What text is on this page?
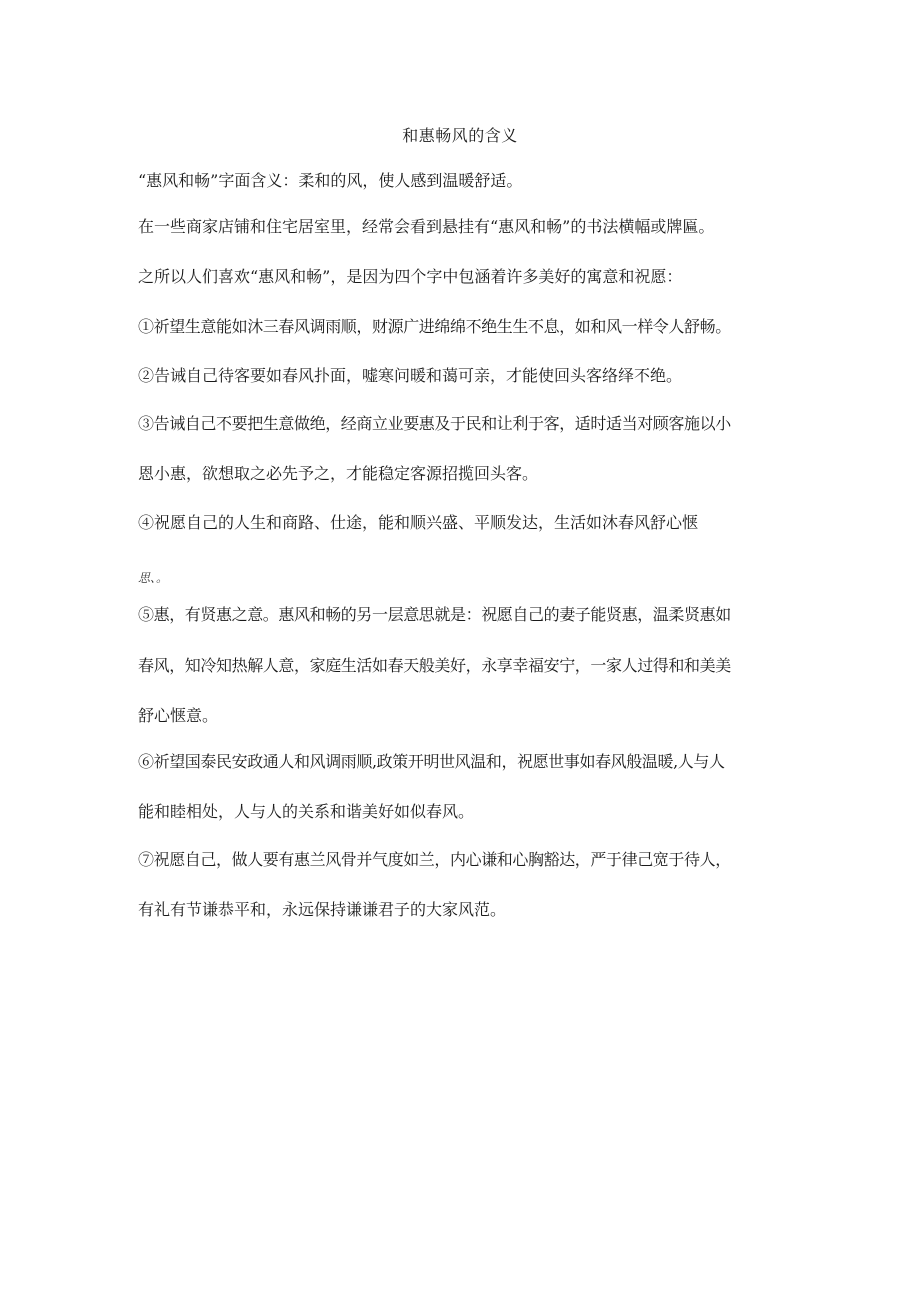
和惠畅风的含义
“惠风和畅”字面含义：柔和的风，使人感到温暖舒适。
在一些商家店铺和住宅居室里，经常会看到悬挂有“惠风和畅”的书法横幅或牌匾。
之所以人们喜欢“惠风和畅”，是因为四个字中包涵着许多美好的寓意和祝愿：
①祈望生意能如沐三春风调雨顺，财源广进绵绵不绝生生不息，如和风一样令人舒畅。
②告诫自己待客要如春风扑面，嘘寒问暖和蔼可亲，才能使回头客络绎不绝。
③告诫自己不要把生意做绝，经商立业要惠及于民和让利于客，适时适当对顾客施以小
恩小惠，欲想取之必先予之，才能稳定客源招揽回头客。
④祝愿自己的人生和商路、仕途，能和顺兴盛、平顺发达，生活如沐春风舒心惬
思、。
⑤惠，有贤惠之意。惠风和畅的另一层意思就是：祝愿自己的妻子能贤惠，温柔贤惠如
春风，知冷知热解人意，家庭生活如春天般美好，永享幸福安宁，一家人过得和和美美
舒心惬意。
⑥祈望国泰民安政通人和风调雨顺,政策开明世风温和，祝愿世事如春风般温暖,人与人
能和睦相处，人与人的关系和谐美好如似春风。
⑦祝愿自己，做人要有惠兰风骨并气度如兰，内心谦和心胸豁达，严于律己宽于待人，
有礼有节谦恭平和，永远保持谦谦君子的大家风范。
